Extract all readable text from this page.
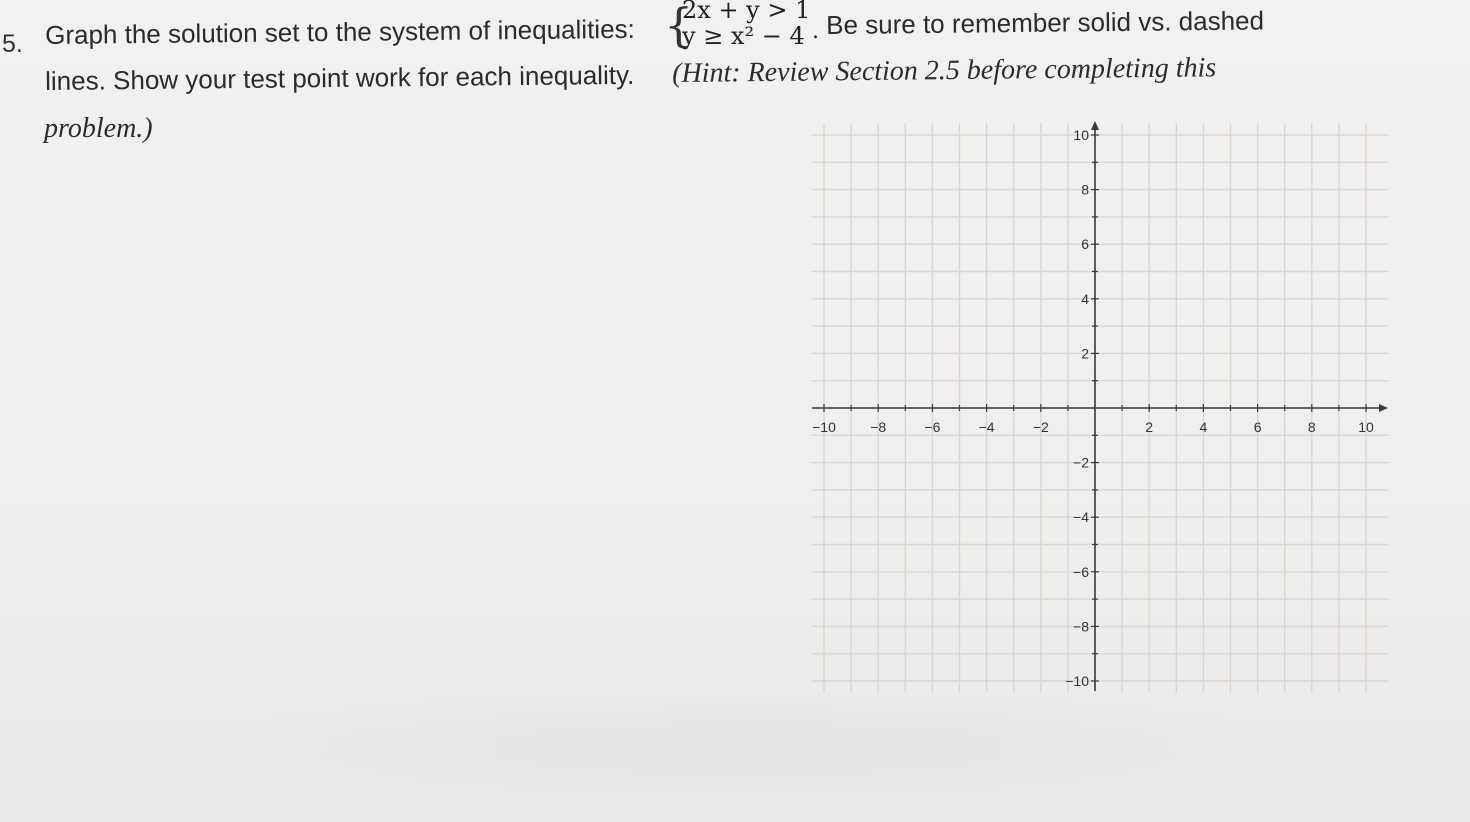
5. Graph the solution set to the system of inequalities: {
2x + y > 1
y ≥ x² − 4 . Be sure to remember solid vs. dashed
lines. Show your test point work for each inequality. (Hint: Review Section 2.5 before completing this
problem.)
−10 −8	−6	−4	−2	2	4	6	8	10
10
8
6
4
2
−2
−4
−6
−8
−10
